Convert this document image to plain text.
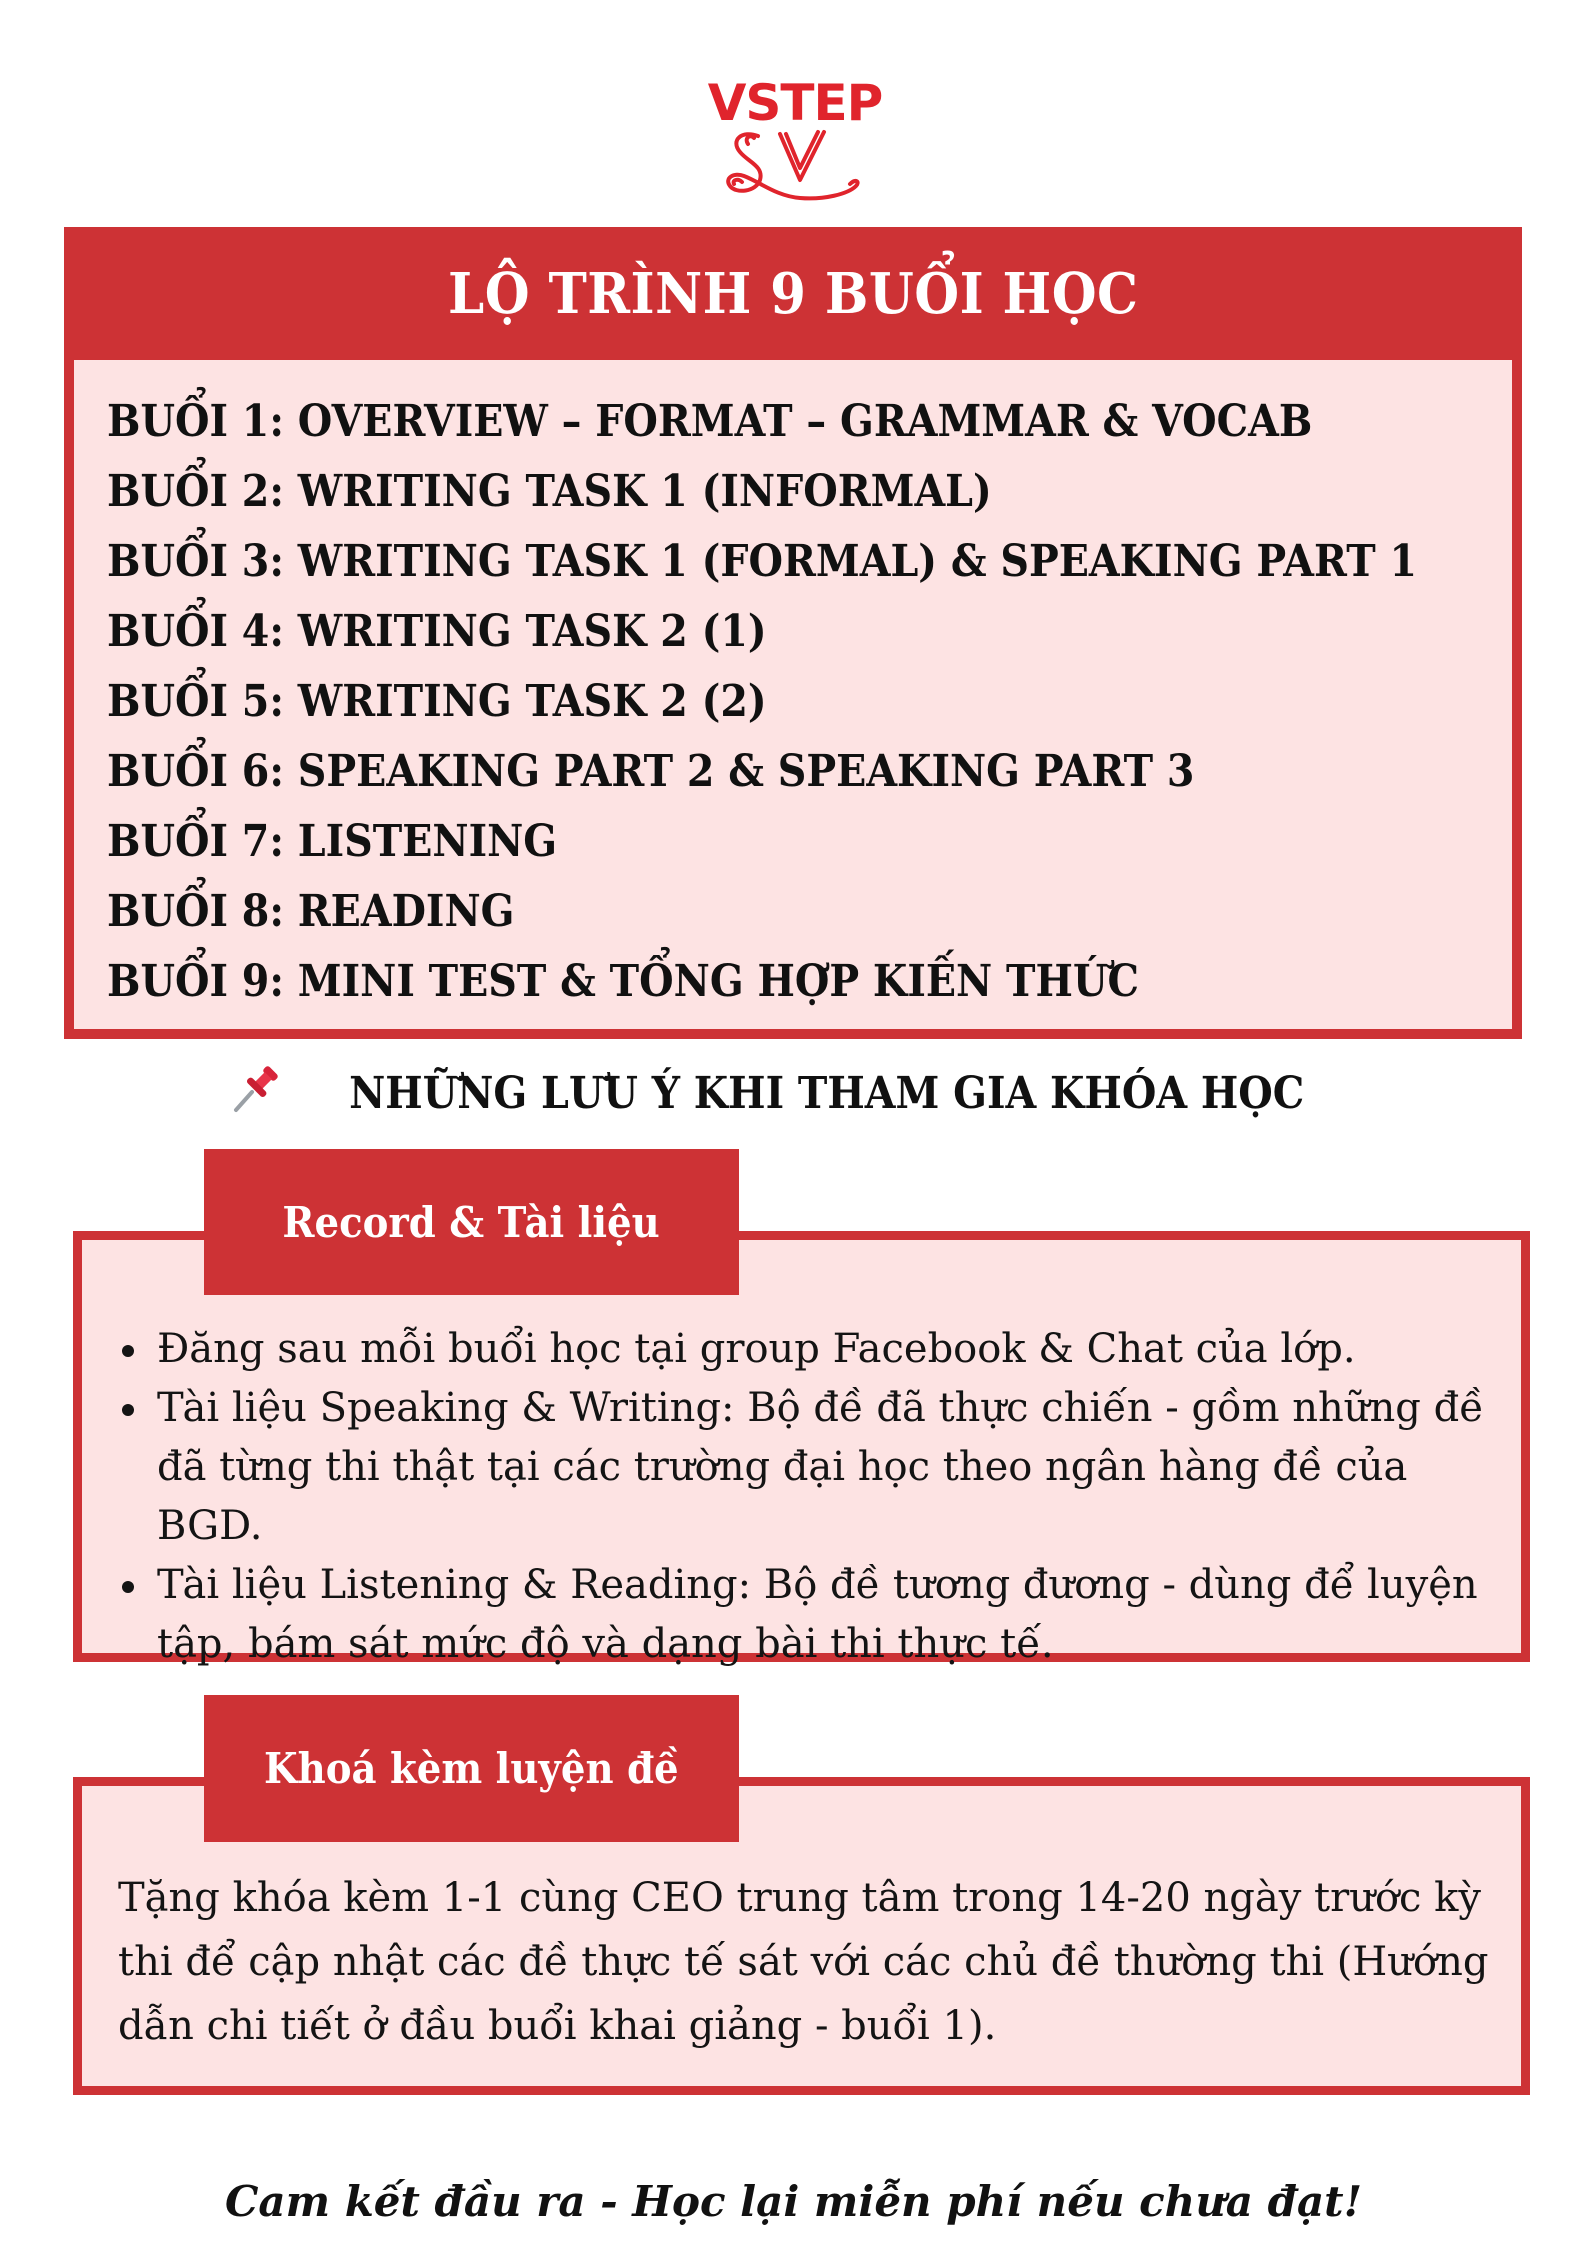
VSTEP
LỘ TRÌNH 9 BUỔI HỌC
BUỔI 1: OVERVIEW – FORMAT – GRAMMAR & VOCAB
BUỔI 2: WRITING TASK 1 (INFORMAL)
BUỔI 3: WRITING TASK 1 (FORMAL) & SPEAKING PART 1
BUỔI 4: WRITING TASK 2 (1)
BUỔI 5: WRITING TASK 2 (2)
BUỔI 6: SPEAKING PART 2 & SPEAKING PART 3
BUỔI 7: LISTENING
BUỔI 8: READING
BUỔI 9: MINI TEST & TỔNG HỢP KIẾN THỨC
NHỮNG LƯU Ý KHI THAM GIA KHÓA HỌC
Đăng sau mỗi buổi học tại group Facebook & Chat của lớp.
Tài liệu Speaking & Writing: Bộ đề đã thực chiến - gồm những đề đã từng thi thật tại các trường đại học theo ngân hàng đề của BGD.
Tài liệu Listening & Reading: Bộ đề tương đương - dùng để luyện tập, bám sát mức độ và dạng bài thi thực tế.
Record & Tài liệu
Tặng khóa kèm 1-1 cùng CEO trung tâm trong 14-20 ngày trước kỳ thi để cập nhật các đề thực tế sát với các chủ đề thường thi (Hướng dẫn chi tiết ở đầu buổi khai giảng - buổi 1).
Khoá kèm luyện đề
Cam kết đầu ra - Học lại miễn phí nếu chưa đạt!
